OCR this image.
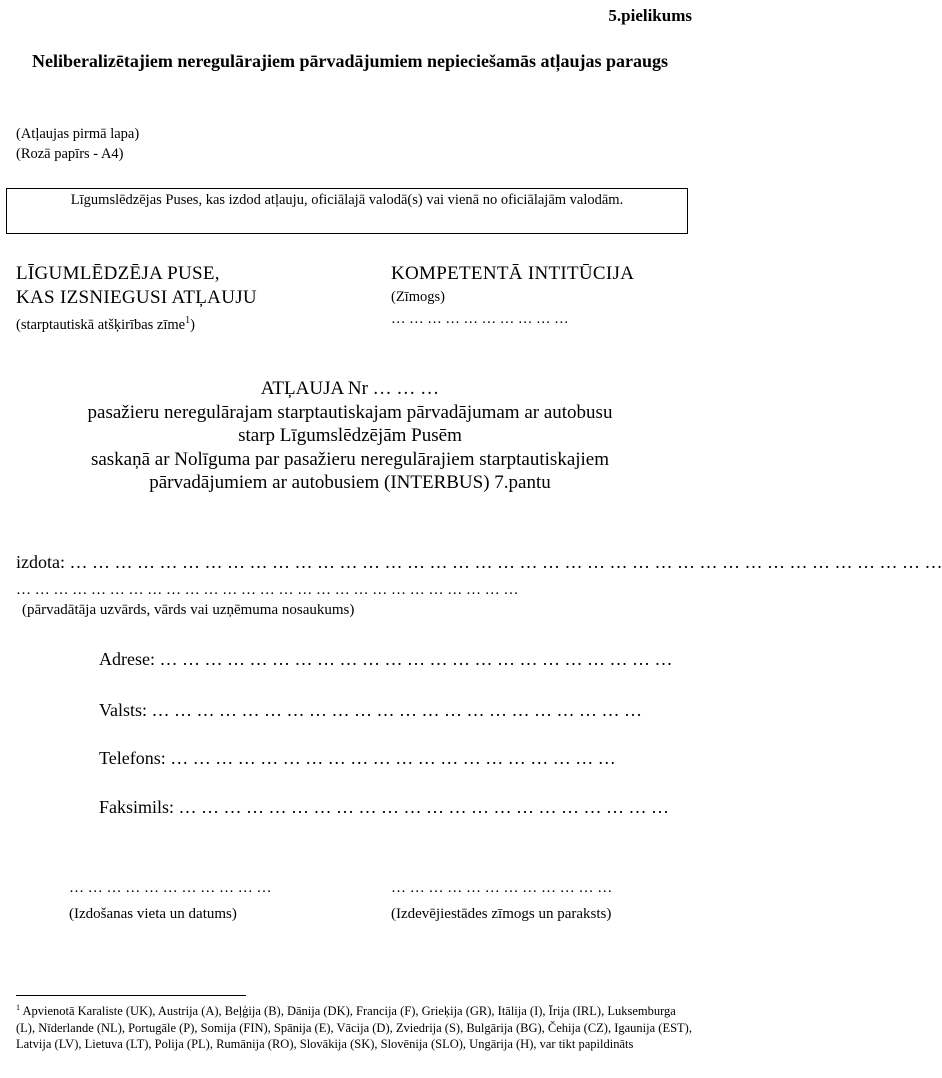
5.pielikums
Neliberalizētajiem neregulārajiem pārvadājumiem nepieciešamās atļaujas paraugs
(Atļaujas pirmā lapa)
(Rozā papīrs - A4)
Līgumslēdzējas Puses, kas izdod atļauju, oficiālajā valodā(s) vai vienā no oficiālajām valodām.
LĪGUMLĒDZĒJA PUSE,
KAS IZSNIEGUSI ATĻAUJU
(starptautiskā atšķirības zīme$^1$)
KOMPETENTĀ INTITŪCIJA
(Zīmogs)
… … … … … … … … … …
ATĻAUJA Nr … … …
pasažieru neregulārajam starptautiskajam pārvadājumam ar autobusu
starp Līgumslēdzējām Pusēm
saskaņā ar Nolīguma par pasažieru neregulārajiem starptautiskajiem
pārvadājumiem ar autobusiem (INTERBUS) 7.pantu
izdota: … … … … … … … … … … … … … … … … … … … … … … … … … … … … … … … … … … … … … … …
… … … … … … … … … … … … … … … … … … … … … … … … … … …
(pārvadātāja uzvārds, vārds vai uzņēmuma nosaukums)
Adrese: … … … … … … … … … … … … … … … … … … … … … … …
Valsts: … … … … … … … … … … … … … … … … … … … … … …
Telefons: … … … … … … … … … … … … … … … … … … … …
Faksimils: … … … … … … … … … … … … … … … … … … … … … …
… … … … … … … … … … …
(Izdošanas vieta un datums)
… … … … … … … … … … … …
(Izdevējiestādes zīmogs un paraksts)
$^1$ Apvienotā Karaliste (UK), Austrija (A), Beļģija (B), Dānija (DK), Francija (F), Grieķija (GR), Itālija (I), Īrija (IRL), Luksemburga (L), Nīderlande (NL), Portugāle (P), Somija (FIN), Spānija (E), Vācija (D), Zviedrija (S), Bulgārija (BG), Čehija (CZ), Igaunija (EST), Latvija (LV), Lietuva (LT), Polija (PL), Rumānija (RO), Slovākija (SK), Slovēnija (SLO), Ungārija (H), var tikt papildināts
